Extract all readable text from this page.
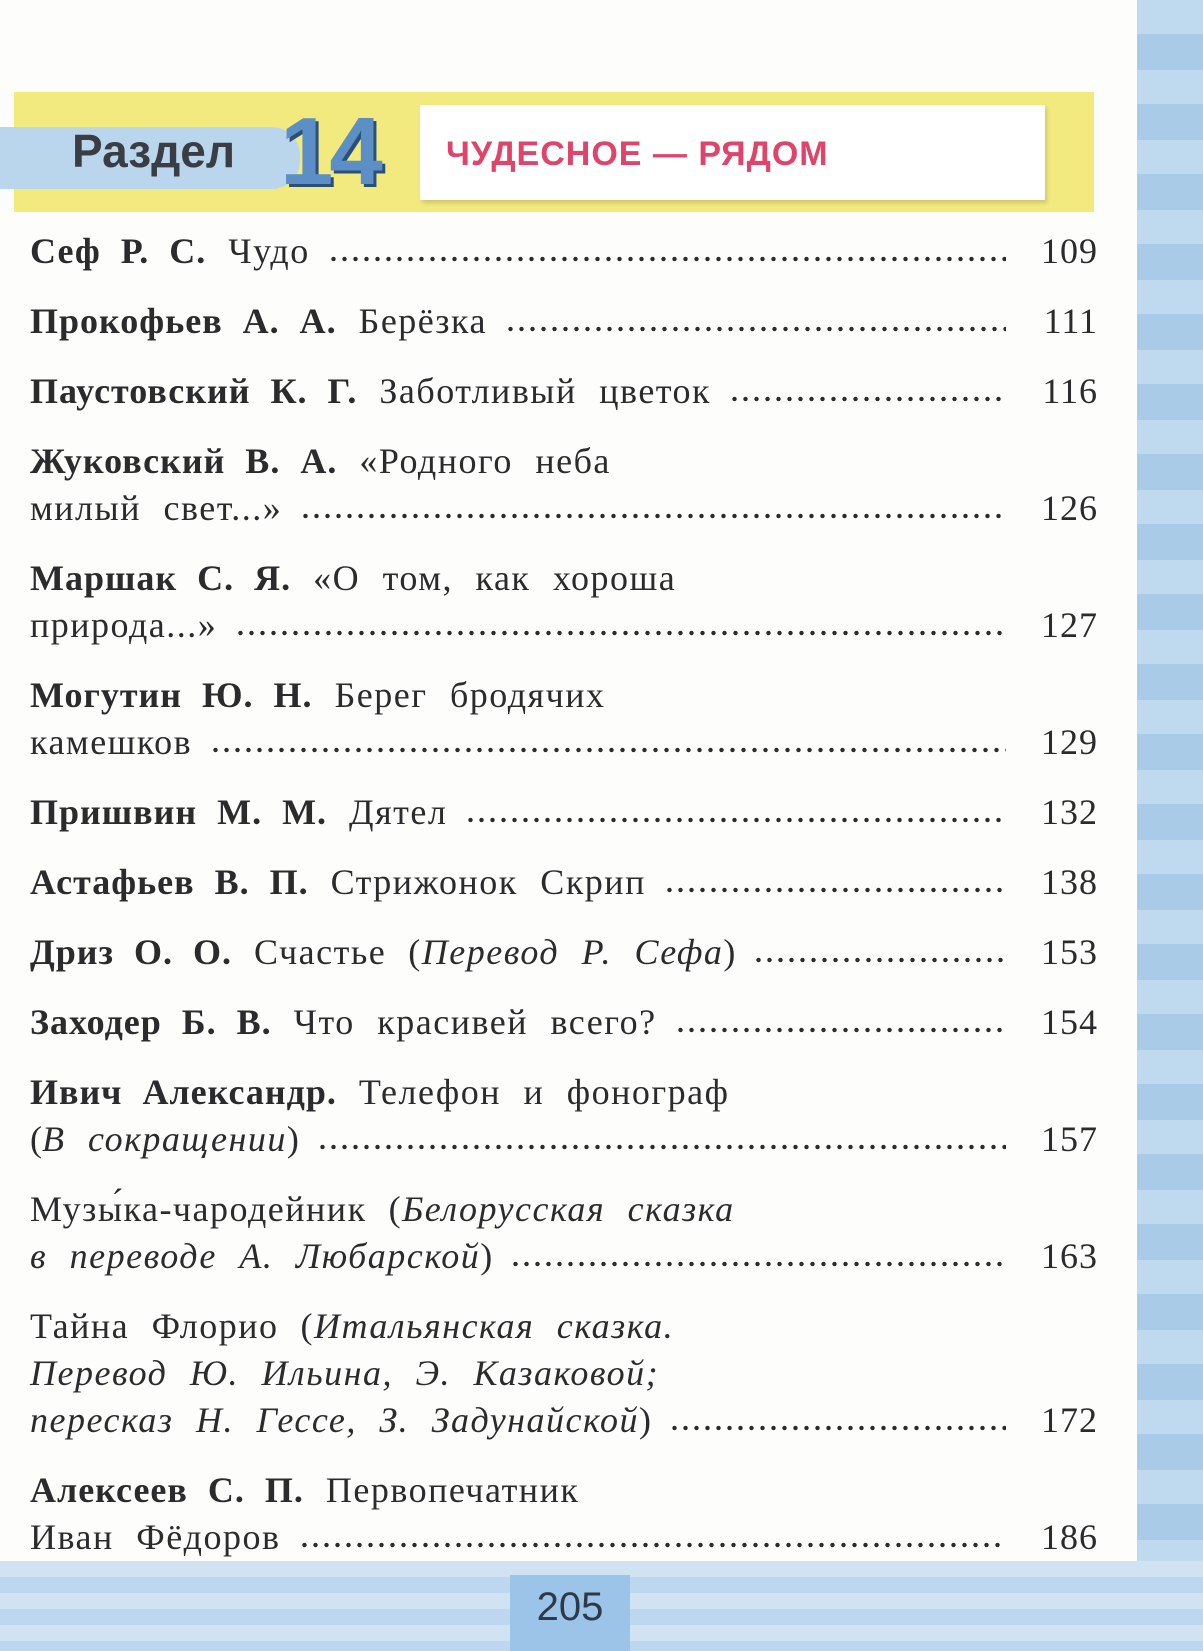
Раздел 14 ЧУДЕСНОЕ — РЯДОМ
Сеф Р. С. Чудо	109
Прокофьев А. А. Берёзка	111
Паустовский К. Г. Заботливый цветок	116
Жуковский В. А. «Родного неба
милый свет...»	126
Маршак С. Я. «О том, как хороша
природа...»	127
Могутин Ю. Н. Берег бродячих
камешков	129
Пришвин М. М. Дятел	132
Астафьев В. П. Стрижонок Скрип	138
Дриз О. О. Счастье ( Перевод Р. Сефа )	153
Заходер Б. В. Что красивей всего?	154
Ивич Александр. Телефон и фонограф
( В сокращении )	157
Музы́ка-чародейник ( Белорусская сказка
в переводе А. Любарской )	163
Тайна Флорио ( Итальянская сказка.
Перевод Ю. Ильина, Э. Казаковой;
пересказ Н. Гессе, З. Задунайской )	172
Алексеев С. П. Первопечатник
Иван Фёдоров	186
205
